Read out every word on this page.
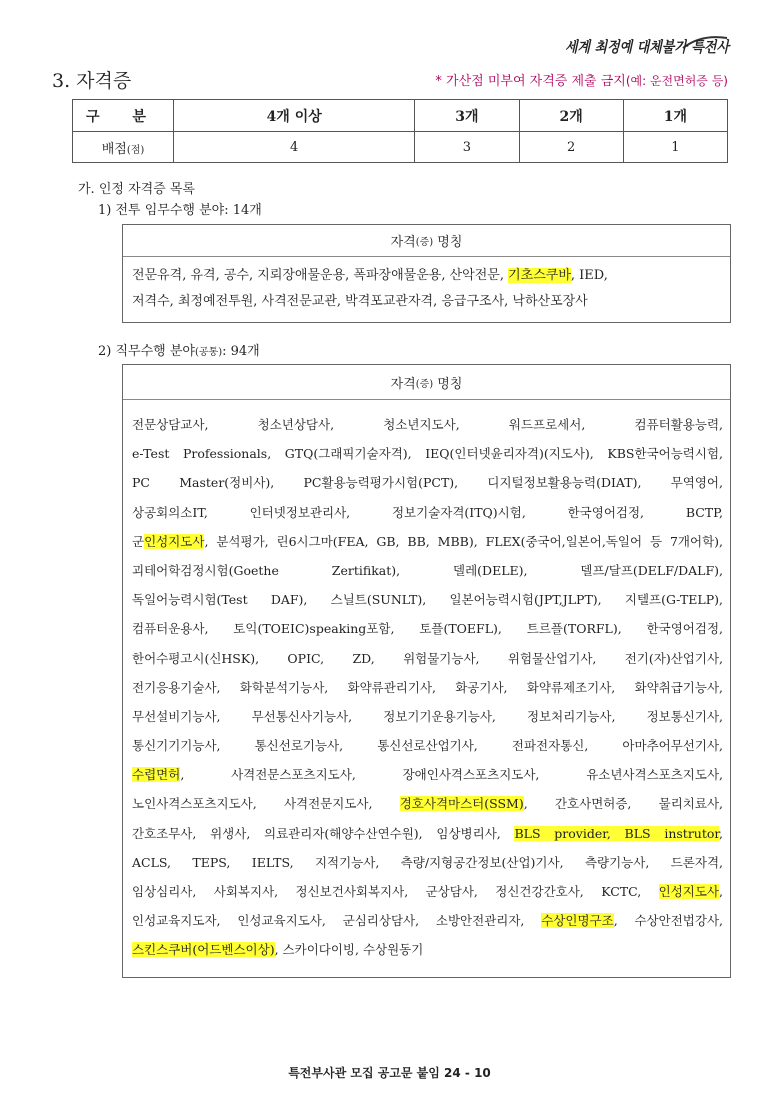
세계 최정예 대체불가 특전사
3. 자격증	* 가산점 미부여 자격증 제출 금지(예: 운전면허증 등)
구 분	4개 이상	3개	2개	1개
배점(점)	4	3	2	1
가. 인정 자격증 목록
1) 전투 임무수행 분야: 14개
자격 (증) 명칭
전문유격, 유격, 공수, 지뢰장애물운용, 폭파장애물운용, 산악전문, 기초스쿠바, IED,
저격수, 최정예전투원, 사격전문교관, 박격포교관자격, 응급구조사, 낙하산포장사
2) 직무수행 분야(공통): 94개
자격 (증) 명칭
전문상담교사, 청소년상담사, 청소년지도사, 워드프로세서, 컴퓨터활용능력,
e-Test Professionals, GTQ(그래픽기술자격), IEQ(인터넷윤리자격)(지도사), KBS한국어능력시험,
PC Master(정비사), PC활용능력평가시험(PCT), 디지털정보활용능력(DIAT), 무역영어,
상공회의소IT, 인터넷정보관리사, 정보기술자격(ITQ)시험, 한국영어검정, BCTP,
군인성지도사, 분석평가, 린6시그마(FEA, GB, BB, MBB), FLEX(중국어,일본어,독일어 등 7개어학),
괴테어학검정시험(Goethe Zertifikat), 델레(DELE), 델프/달프(DELF/DALF),
독일어능력시험(Test DAF), 스닐트(SUNLT), 일본어능력시험(JPT,JLPT), 지텔프(G-TELP),
컴퓨터운용사, 토익(TOEIC)speaking포함, 토플(TOEFL), 트르플(TORFL), 한국영어검정,
한어수평고시(신HSK), OPIC, ZD, 위험물기능사, 위험물산업기사, 전기(자)산업기사,
전기응용기술사, 화학분석기능사, 화약류관리기사, 화공기사, 화약류제조기사, 화약취급기능사,
무선설비기능사, 무선통신사기능사, 정보기기운용기능사, 정보처리기능사, 정보통신기사,
통신기기기능사, 통신선로기능사, 통신선로산업기사, 전파전자통신, 아마추어무선기사,
수렵면허, 사격전문스포츠지도사, 장애인사격스포츠지도사, 유소년사격스포츠지도사,
노인사격스포츠지도사, 사격전문지도사, 경호사격마스터(SSM), 간호사면허증, 물리치료사,
간호조무사, 위생사, 의료관리자(해양수산연수원), 임상병리사, BLS provider, BLS instrutor,
ACLS, TEPS, IELTS, 지적기능사, 측량/지형공간정보(산업)기사, 측량기능사, 드론자격,
임상심리사, 사회복지사, 정신보건사회복지사, 군상담사, 정신건강간호사, KCTC, 인성지도사,
인성교육지도자, 인성교육지도사, 군심리상담사, 소방안전관리자, 수상인명구조, 수상안전법강사,
스킨스쿠버(어드벤스이상), 스카이다이빙, 수상원동기
특전부사관 모집 공고문 붙임 24 - 10
